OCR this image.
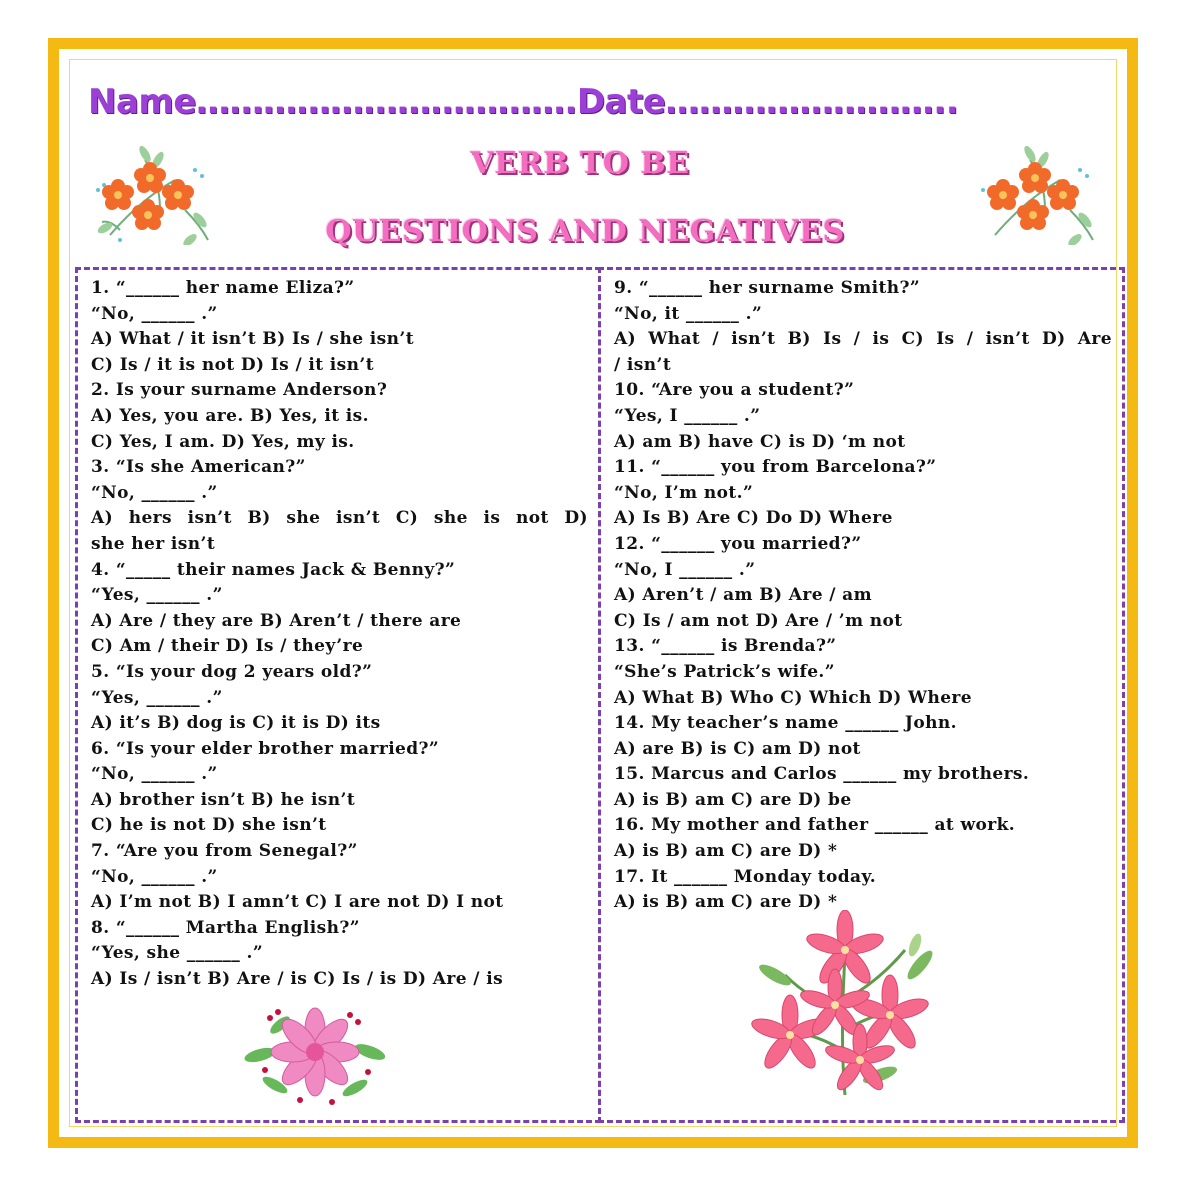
Name…………………………….Date……………………..
VERB TO BE
QUESTIONS AND NEGATIVES
1. “______ her name Eliza?”
“No, ______ .”
A) What / it isn’t B) Is / she isn’t
C) Is / it is not D) Is / it isn’t
2. Is your surname Anderson?
A) Yes, you are. B) Yes, it is.
C) Yes, I am. D) Yes, my is.
3. “Is she American?”
“No, ______ .”
A) hers isn’t B) she isn’t C) she is not D)
she her isn’t
4. “_____ their names Jack & Benny?”
“Yes, ______ .”
A) Are / they are B) Aren’t / there are
C) Am / their D) Is / they’re
5. “Is your dog 2 years old?”
“Yes, ______ .”
A) it’s B) dog is C) it is D) its
6. “Is your elder brother married?”
“No, ______ .”
A) brother isn’t B) he isn’t
C) he is not D) she isn’t
7. “Are you from Senegal?”
“No, ______ .”
A) I’m not B) I amn’t C) I are not D) I not
8. “______ Martha English?”
“Yes, she ______ .”
A) Is / isn’t B) Are / is C) Is / is D) Are / is
9. “______ her surname Smith?”
“No, it ______ .”
A) What / isn’t B) Is / is C) Is / isn’t D) Are
/ isn’t
10. “Are you a student?”
“Yes, I ______ .”
A) am B) have C) is D) ‘m not
11. “______ you from Barcelona?”
“No, I’m not.”
A) Is B) Are C) Do D) Where
12. “______ you married?”
“No, I ______ .”
A) Aren’t / am B) Are / am
C) Is / am not D) Are / ’m not
13. “______ is Brenda?”
“She’s Patrick’s wife.”
A) What B) Who C) Which D) Where
14. My teacher’s name ______ John.
A) are B) is C) am D) not
15. Marcus and Carlos ______ my brothers.
A) is B) am C) are D) be
16. My mother and father ______ at work.
A) is B) am C) are D) *
17. It ______ Monday today.
A) is B) am C) are D) *
